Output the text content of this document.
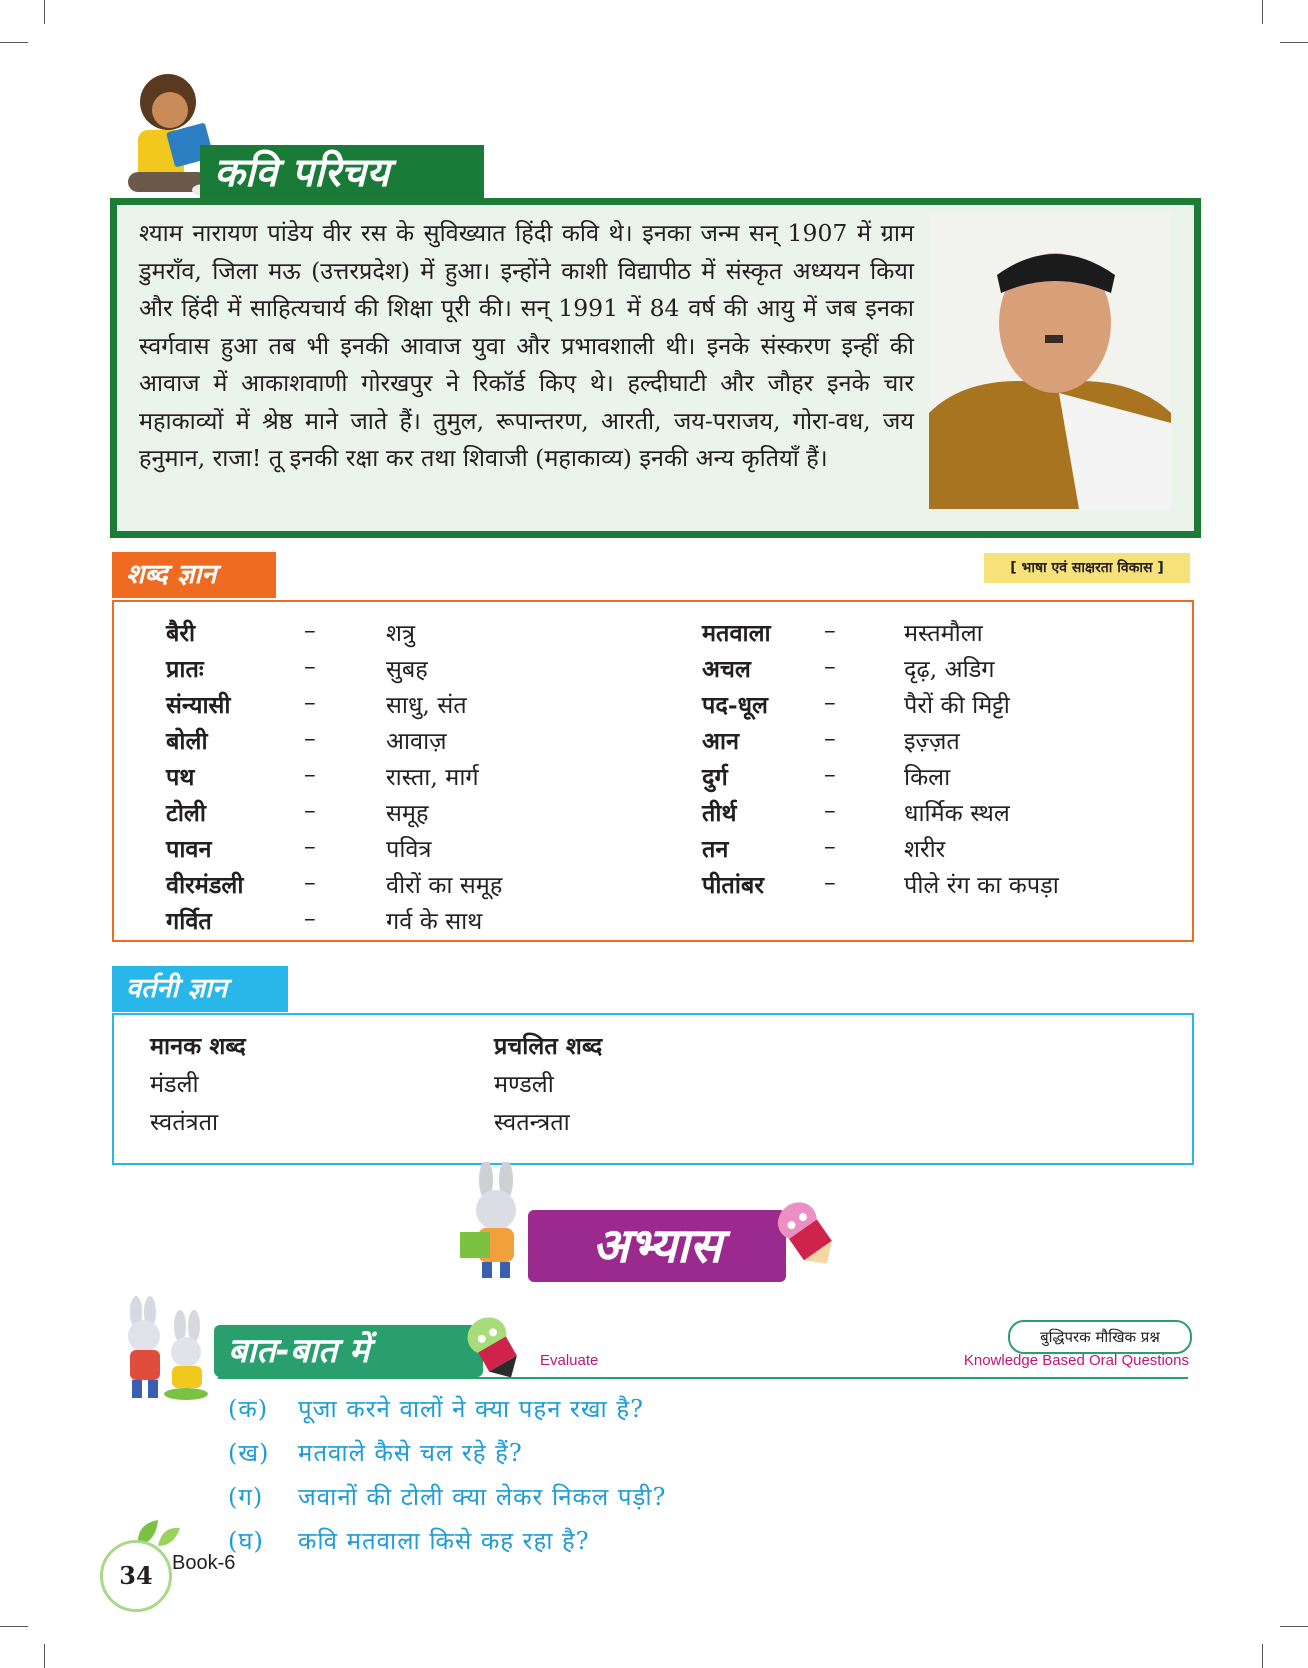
कवि परिचय
श्याम नारायण पांडेय वीर रस के सुविख्यात हिंदी कवि थे। इनका जन्म सन् 1907 में ग्राम डुमराँव, जिला मऊ (उत्तरप्रदेश) में हुआ। इन्होंने काशी विद्यापीठ में संस्कृत अध्ययन किया और हिंदी में साहित्यचार्य की शिक्षा पूरी की। सन् 1991 में 84 वर्ष की आयु में जब इनका स्वर्गवास हुआ तब भी इनकी आवाज युवा और प्रभावशाली थी। इनके संस्करण इन्हीं की आवाज में आकाशवाणी गोरखपुर ने रिकॉर्ड किए थे। हल्दीघाटी और जौहर इनके चार महाकाव्यों में श्रेष्ठ माने जाते हैं। तुमुल, रूपान्तरण, आरती, जय-पराजय, गोरा-वध, जय हनुमान, राजा! तू इनकी रक्षा कर तथा शिवाजी (महाकाव्य) इनकी अन्य कृतियाँ हैं।
शब्द ज्ञान	[ भाषा एवं साक्षरता विकास ]
बैरी	–	शत्रु
प्रातः	–	सुबह
संन्यासी	–	साधु, संत
बोली	–	आवाज़
पथ	–	रास्ता, मार्ग
टोली	–	समूह
पावन	–	पवित्र
वीरमंडली	–	वीरों का समूह
गर्वित	–	गर्व के साथ
मतवाला –	मस्तमौला
अचल	–	दृढ़, अडिग
पद-धूल –	पैरों की मिट्टी
आन	–	इज़्ज़त
दुर्ग	–	किला
तीर्थ	–	धार्मिक स्थल
तन	–	शरीर
पीतांबर	–	पीले रंग का कपड़ा
वर्तनी ज्ञान
मानक शब्द	प्रचलित शब्द
मंडली	मण्डली
स्वतंत्रता	स्वतन्त्रता
अभ्यास
बात-बात में	Evaluate
बुद्धिपरक मौखिक प्रश्न
Knowledge Based Oral Questions
(क) पूजा करने वालों ने क्या पहन रखा है?
(ख) मतवाले कैसे चल रहे हैं?
(ग) जवानों की टोली क्या लेकर निकल पड़ी?
(घ) कवि मतवाला किसे कह रहा है?
34 Book-6
